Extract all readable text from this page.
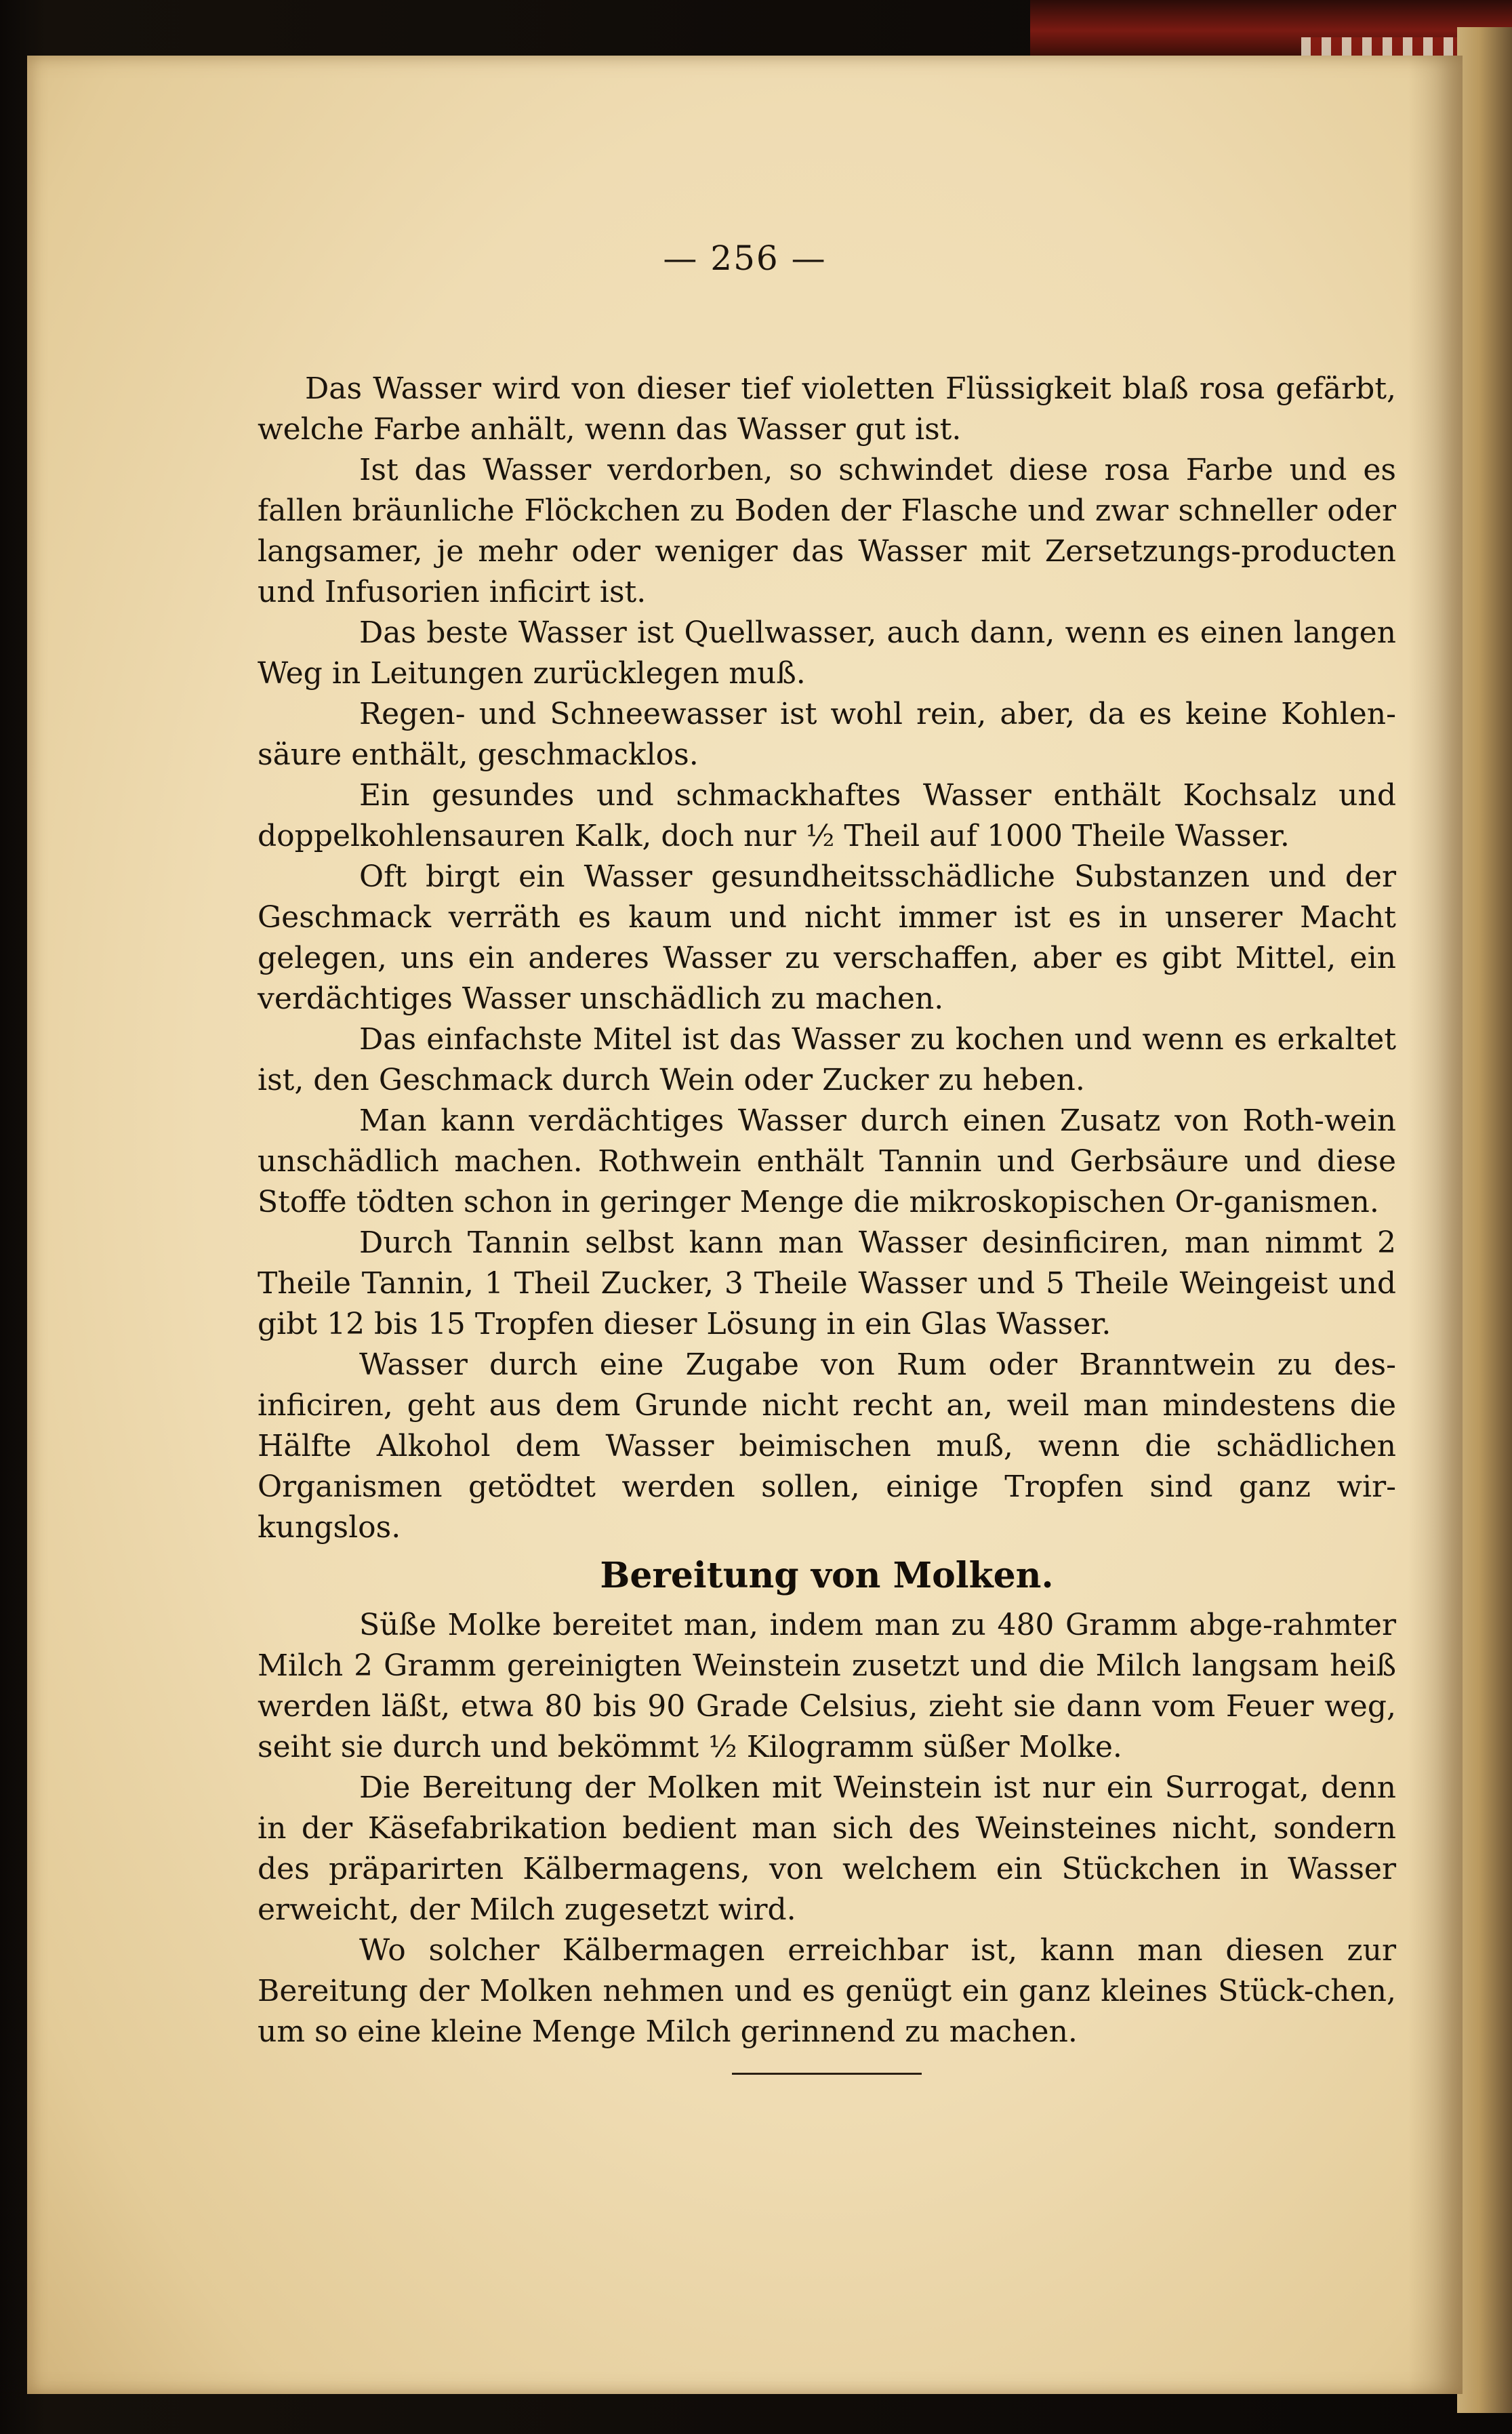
— 256 —

Das Wasser wird von dieser tief violetten Flüssigkeit blaß rosa gefärbt, welche Farbe anhält, wenn das Wasser gut ist.

Ist das Wasser verdorben, so schwindet diese rosa Farbe und es fallen bräunliche Flöckchen zu Boden der Flasche und zwar schneller oder langsamer, je mehr oder weniger das Wasser mit Zersetzungs-producten und Infusorien inficirt ist.

Das beste Wasser ist Quellwasser, auch dann, wenn es einen langen Weg in Leitungen zurücklegen muß.

Regen- und Schneewasser ist wohl rein, aber, da es keine Kohlen-säure enthält, geschmacklos.

Ein gesundes und schmackhaftes Wasser enthält Kochsalz und doppelkohlensauren Kalk, doch nur ½ Theil auf 1000 Theile Wasser.

Oft birgt ein Wasser gesundheitsschädliche Substanzen und der Geschmack verräth es kaum und nicht immer ist es in unserer Macht gelegen, uns ein anderes Wasser zu verschaffen, aber es gibt Mittel, ein verdächtiges Wasser unschädlich zu machen.

Das einfachste Mitel ist das Wasser zu kochen und wenn es erkaltet ist, den Geschmack durch Wein oder Zucker zu heben.

Man kann verdächtiges Wasser durch einen Zusatz von Roth-wein unschädlich machen. Rothwein enthält Tannin und Gerbsäure und diese Stoffe tödten schon in geringer Menge die mikroskopischen Or-ganismen.

Durch Tannin selbst kann man Wasser desinficiren, man nimmt 2 Theile Tannin, 1 Theil Zucker, 3 Theile Wasser und 5 Theile Weingeist und gibt 12 bis 15 Tropfen dieser Lösung in ein Glas Wasser.

Wasser durch eine Zugabe von Rum oder Branntwein zu des-inficiren, geht aus dem Grunde nicht recht an, weil man mindestens die Hälfte Alkohol dem Wasser beimischen muß, wenn die schädlichen Organismen getödtet werden sollen, einige Tropfen sind ganz wir-kungslos.

Bereitung von Molken.

Süße Molke bereitet man, indem man zu 480 Gramm abge-rahmter Milch 2 Gramm gereinigten Weinstein zusetzt und die Milch langsam heiß werden läßt, etwa 80 bis 90 Grade Celsius, zieht sie dann vom Feuer weg, seiht sie durch und bekömmt ½ Kilogramm süßer Molke.

Die Bereitung der Molken mit Weinstein ist nur ein Surrogat, denn in der Käsefabrikation bedient man sich des Weinsteines nicht, sondern des präparirten Kälbermagens, von welchem ein Stückchen in Wasser erweicht, der Milch zugesetzt wird.

Wo solcher Kälbermagen erreichbar ist, kann man diesen zur Bereitung der Molken nehmen und es genügt ein ganz kleines Stück-chen, um so eine kleine Menge Milch gerinnend zu machen.
